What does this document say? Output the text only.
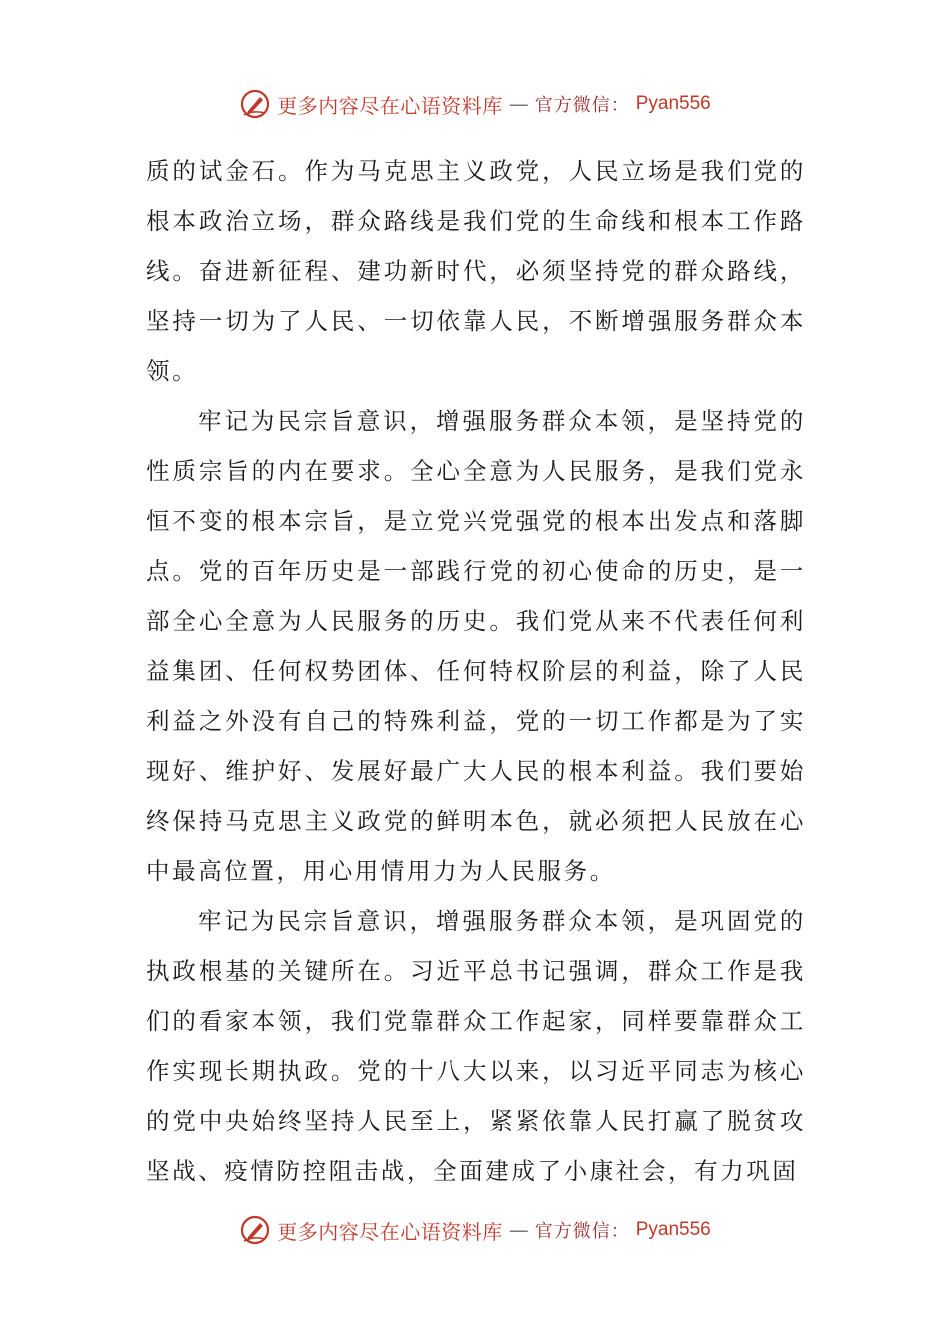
更多内容尽在心语资料库 — 官方微信： Pyan556

质的试金石。作为马克思主义政党，人民立场是我们党的根本政治立场，群众路线是我们党的生命线和根本工作路线。奋进新征程、建功新时代，必须坚持党的群众路线，坚持一切为了人民、一切依靠人民，不断增强服务群众本领。

牢记为民宗旨意识，增强服务群众本领，是坚持党的性质宗旨的内在要求。全心全意为人民服务，是我们党永恒不变的根本宗旨，是立党兴党强党的根本出发点和落脚点。党的百年历史是一部践行党的初心使命的历史，是一部全心全意为人民服务的历史。我们党从来不代表任何利益集团、任何权势团体、任何特权阶层的利益，除了人民利益之外没有自己的特殊利益，党的一切工作都是为了实现好、维护好、发展好最广大人民的根本利益。我们要始终保持马克思主义政党的鲜明本色，就必须把人民放在心中最高位置，用心用情用力为人民服务。

牢记为民宗旨意识，增强服务群众本领，是巩固党的执政根基的关键所在。习近平总书记强调，群众工作是我们的看家本领，我们党靠群众工作起家，同样要靠群众工作实现长期执政。党的十八大以来，以习近平同志为核心的党中央始终坚持人民至上，紧紧依靠人民打赢了脱贫攻坚战、疫情防控阻击战，全面建成了小康社会，有力巩固

更多内容尽在心语资料库 — 官方微信： Pyan556
